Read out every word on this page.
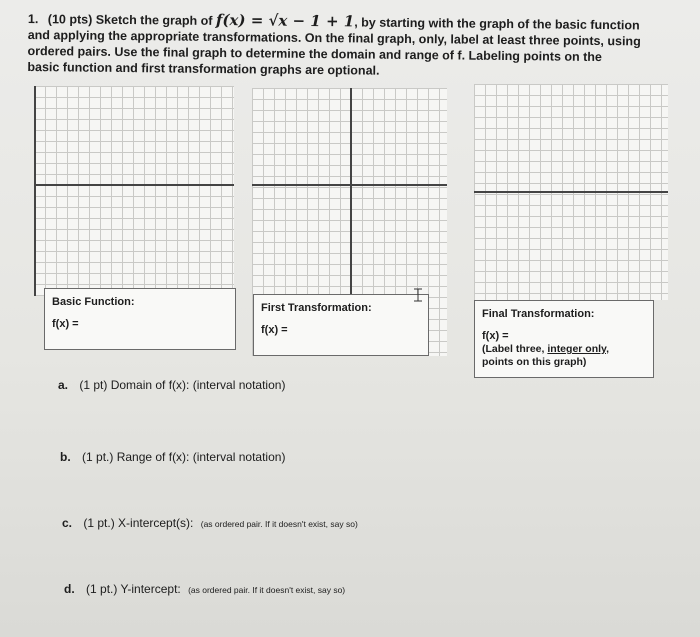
1. (10 pts) Sketch the graph of f(x) = √x − 1 + 1, by starting with the graph of the basic function
and applying the appropriate transformations. On the final graph, only, label at least three points, using
ordered pairs. Use the final graph to determine the domain and range of f. Labeling points on the
basic function and first transformation graphs are optional.
Basic Function:
f(x) =
First Transformation:
f(x) =
Final Transformation:
f(x) =
(Label three, integer only,
points on this graph)
a. (1 pt) Domain of f(x): (interval notation)
b. (1 pt.) Range of f(x): (interval notation)
c. (1 pt.) X-intercept(s): (as ordered pair. If it doesn't exist, say so)
d. (1 pt.) Y-intercept: (as ordered pair. If it doesn't exist, say so)
